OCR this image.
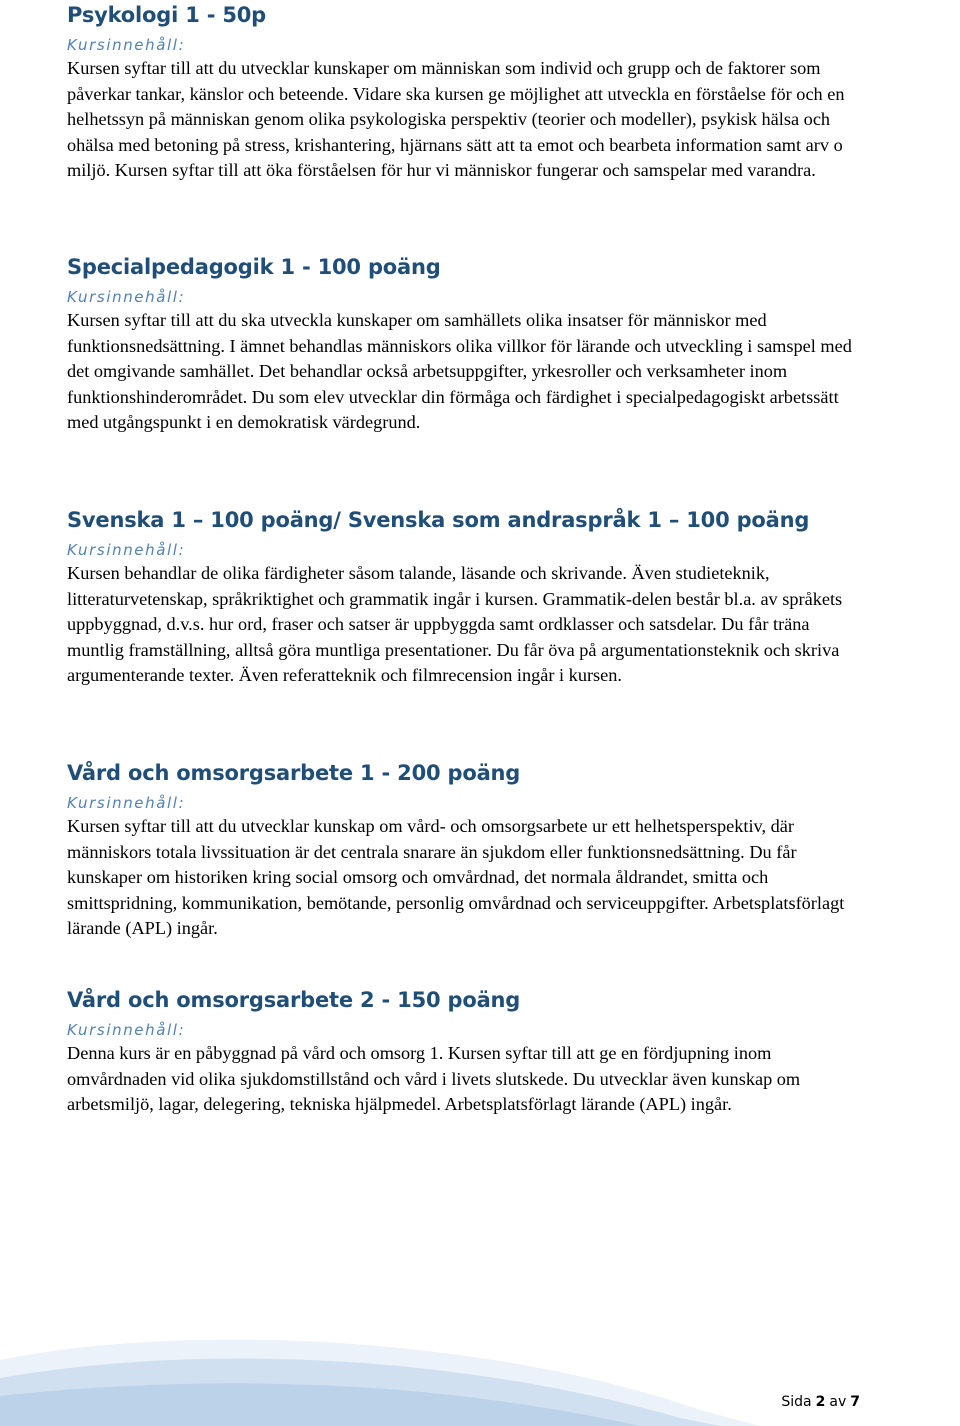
Psykologi 1 - 50p

Kursinnehåll:

Kursen syftar till att du utvecklar kunskaper om människan som individ och grupp och de faktorer som påverkar tankar, känslor och beteende. Vidare ska kursen ge möjlighet att utveckla en förståelse för och en helhetssyn på människan genom olika psykologiska perspektiv (teorier och modeller), psykisk hälsa och ohälsa med betoning på stress, krishantering, hjärnans sätt att ta emot och bearbeta information samt arv o miljö. Kursen syftar till att öka förståelsen för hur vi människor fungerar och samspelar med varandra.

Specialpedagogik 1 - 100 poäng

Kursinnehåll:

Kursen syftar till att du ska utveckla kunskaper om samhällets olika insatser för människor med funktionsnedsättning. I ämnet behandlas människors olika villkor för lärande och utveckling i samspel med det omgivande samhället. Det behandlar också arbetsuppgifter, yrkesroller och verksamheter inom funktionshinderområdet. Du som elev utvecklar din förmåga och färdighet i specialpedagogiskt arbetssätt med utgångspunkt i en demokratisk värdegrund.

Svenska 1 – 100 poäng/ Svenska som andraspråk 1 – 100 poäng

Kursinnehåll:

Kursen behandlar de olika färdigheter såsom talande, läsande och skrivande. Även studieteknik, litteraturvetenskap, språkriktighet och grammatik ingår i kursen. Grammatik-delen består bl.a. av språkets uppbyggnad, d.v.s. hur ord, fraser och satser är uppbyggda samt ordklasser och satsdelar. Du får träna muntlig framställning, alltså göra muntliga presentationer. Du får öva på argumentationsteknik och skriva argumenterande texter. Även referatteknik och filmrecension ingår i kursen.

Vård och omsorgsarbete 1 - 200 poäng

Kursinnehåll:

Kursen syftar till att du utvecklar kunskap om vård- och omsorgsarbete ur ett helhetsperspektiv, där människors totala livssituation är det centrala snarare än sjukdom eller funktionsnedsättning. Du får kunskaper om historiken kring social omsorg och omvårdnad, det normala åldrandet, smitta och smittspridning, kommunikation, bemötande, personlig omvårdnad och serviceuppgifter. Arbetsplatsförlagt lärande (APL) ingår.

Vård och omsorgsarbete 2 - 150 poäng

Kursinnehåll:

Denna kurs är en påbyggnad på vård och omsorg 1. Kursen syftar till att ge en fördjupning inom omvårdnaden vid olika sjukdomstillstånd och vård i livets slutskede. Du utvecklar även kunskap om arbetsmiljö, lagar, delegering, tekniska hjälpmedel. Arbetsplatsförlagt lärande (APL) ingår.

Sida 2 av 7
